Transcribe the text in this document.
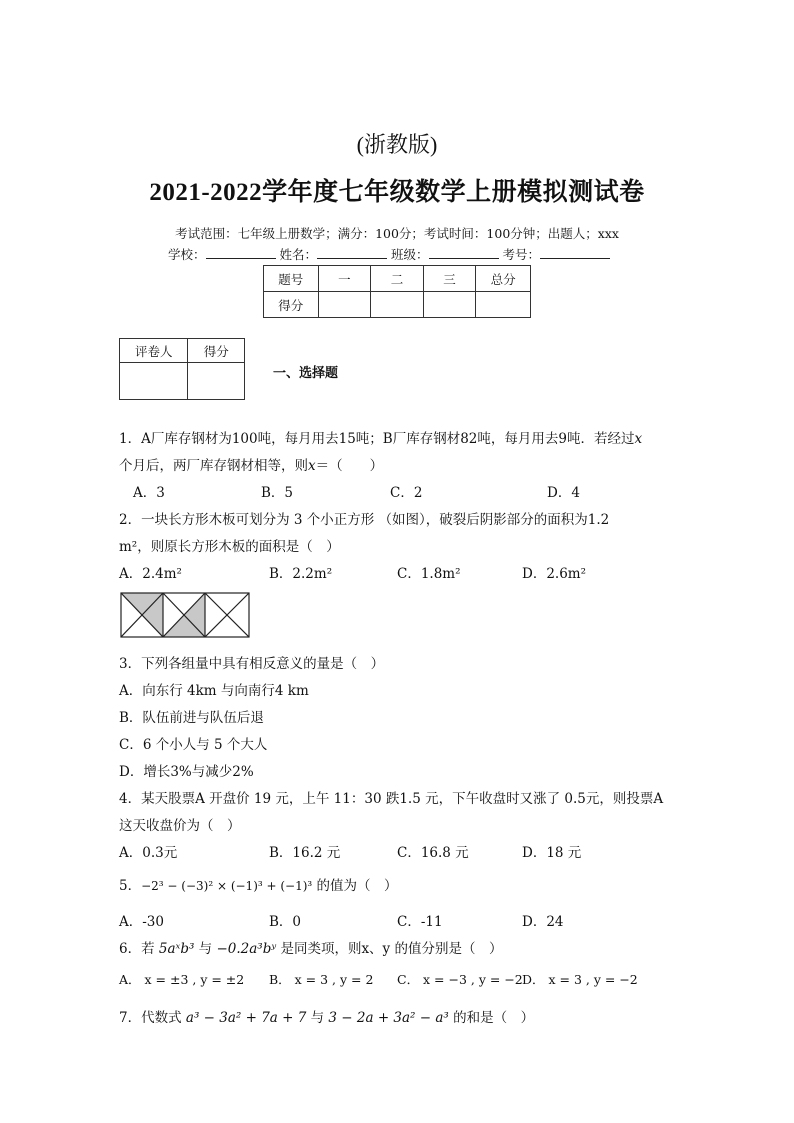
(浙教版)
2021-2022学年度七年级数学上册模拟测试卷
考试范围：七年级上册数学；满分：100分；考试时间：100分钟；出题人；xxx
学校：	姓名：	班级：	考号：
题号	一	二	三	总分
得分				
评卷人	得分

一、选择题
1．A厂库存钢材为100吨，每月用去15吨；B厂库存钢材82吨，每月用去9吨．若经过x
个月后，两厂库存钢材相等，则x＝（　　）
A．3	B．5	C．2	D．4
2．一块长方形木板可划分为 3 个小正方形 （如图），破裂后阴影部分的面积为1.2
m²，则原长方形木板的面积是（　）
A．2.4m²	B．2.2m²	C．1.8m²	D．2.6m²
3．下列各组量中具有相反意义的量是（　）
A．向东行 4km 与向南行4 km
B．队伍前进与队伍后退
C．6 个小人与 5 个大人
D．增长3%与减少2%
4．某天股票A 开盘价 19 元，上午 11：30 跌1.5 元，下午收盘时又涨了 0.5元，则投票A
这天收盘价为（　）
A．0.3元	B．16.2 元	C．16.8 元	D．18 元
5．−2³ − (−3)² × (−1)³ + (−1)³ 的值为（　）
A．-30	B．0	C．-11	D．24
6．若 5aˣb³ 与 −0.2a³bʸ 是同类项，则x、y 的值分别是（　）
A． x = ±3 , y = ±2 B． x = 3 , y = 2 C． x = −3 , y = −2 D． x = 3 , y = −2
7．代数式 a³ − 3a² + 7a + 7 与 3 − 2a + 3a² − a³ 的和是（　）
